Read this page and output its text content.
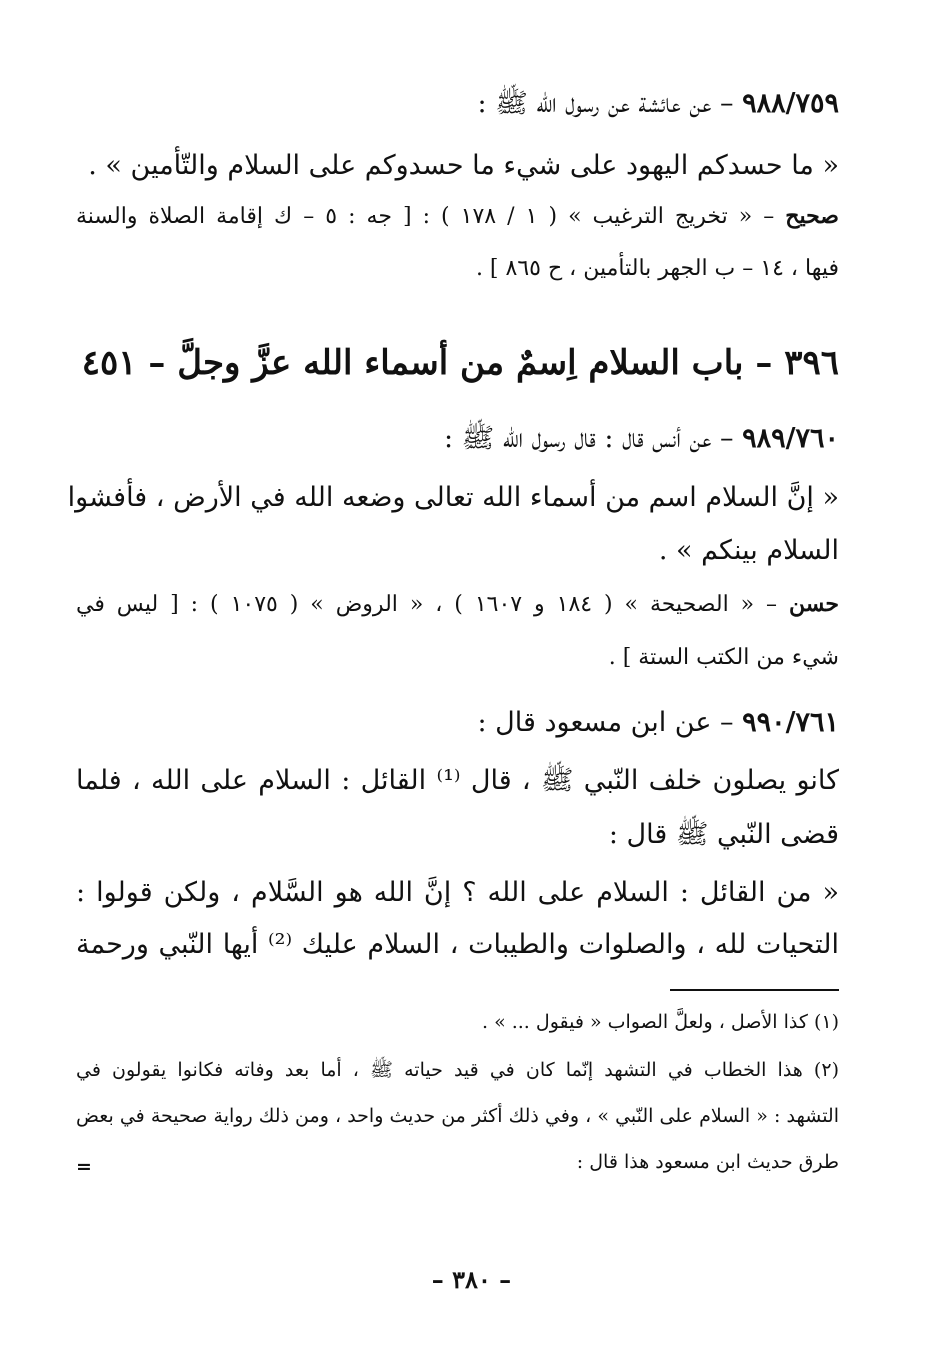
٩٨٨/٧٥٩ – عن عائشة عن رسول الله ﷺ :
« ما حسدكم اليهود على شيء ما حسدوكم على السلام والتّأمين » .
صحيح – « تخريج الترغيب » ( ١ / ١٧٨ ) : [ جه : ٥ – ك إقامة الصلاة والسنة
فيها ، ١٤ – ب الجهر بالتأمين ، ح ٨٦٥ ] .
٣٩٦ – باب السلام اِسمٌ من أسماء الله عزَّ وجلَّ – ٤٥١
٩٨٩/٧٦٠ – عن أنس قال : قال رسول الله ﷺ :
« إنَّ السلام اسم من أسماء الله تعالى وضعه الله في الأرض ، فأفشوا
السلام بينكم » .
حسن – « الصحيحة » ( ١٨٤ و ١٦٠٧ ) ، « الروض » ( ١٠٧٥ ) : [ ليس في
شيء من الكتب الستة ] .
٩٩٠/٧٦١ – عن ابن مسعود قال :
كانو يصلون خلف النّبي ﷺ ، قال ⁽¹⁾ القائل : السلام على الله ، فلما
قضى النّبي ﷺ قال :
« من القائل : السلام على الله ؟ إنَّ الله هو السَّلام ، ولكن قولوا :
التحيات لله ، والصلوات والطيبات ، السلام عليك ⁽²⁾ أيها النّبي ورحمة
(١) كذا الأصل ، ولعلَّ الصواب « فيقول ... » .
(٢) هذا الخطاب في التشهد إنّما كان في قيد حياته ﷺ ، أما بعد وفاته فكانوا يقولون في
التشهد : « السلام على النّبي » ، وفي ذلك أكثر من حديث واحد ، ومن ذلك رواية صحيحة في بعض
طرق حديث ابن مسعود هذا قال :
=
– ٣٨٠ –
